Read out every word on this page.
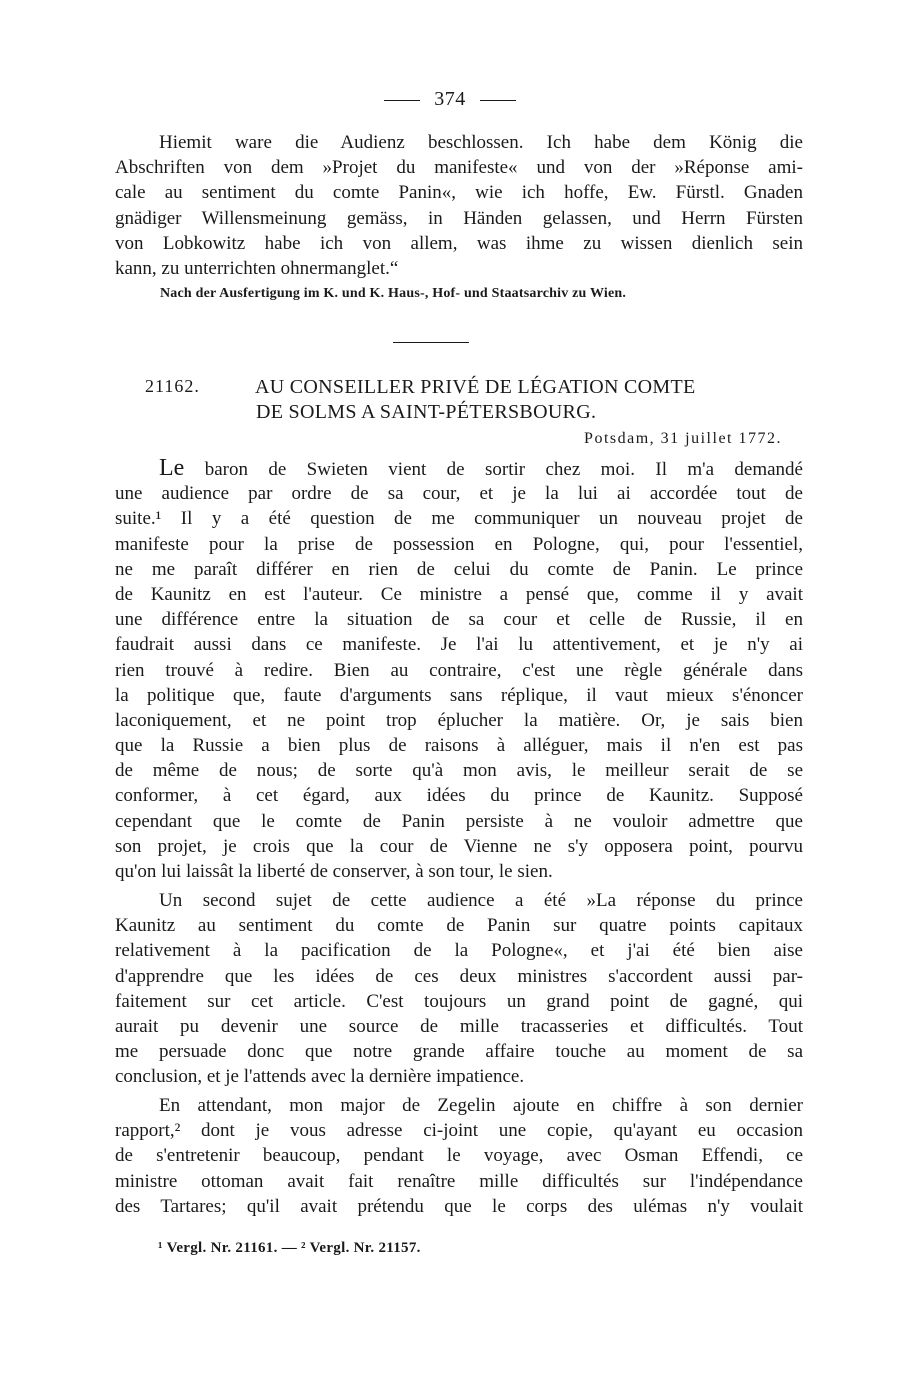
374
Hiemit ware die Audienz beschlossen. Ich habe dem König die
Abschriften von dem »Projet du manifeste« und von der »Réponse ami-
cale au sentiment du comte Panin«, wie ich hoffe, Ew. Fürstl. Gnaden
gnädiger Willensmeinung gemäss, in Händen gelassen, und Herrn Fürsten
von Lobkowitz habe ich von allem, was ihme zu wissen dienlich sein
kann, zu unterrichten ohnermanglet.“
Nach der Ausfertigung im K. und K. Haus-, Hof- und Staatsarchiv zu Wien.
21162.	AU CONSEILLER PRIVÉ DE LÉGATION COMTE
DE SOLMS A SAINT-PÉTERSBOURG.
Potsdam, 31 juillet 1772.
Le baron de Swieten vient de sortir chez moi. Il m'a demandé
une audience par ordre de sa cour, et je la lui ai accordée tout de
suite.¹ Il y a été question de me communiquer un nouveau projet de
manifeste pour la prise de possession en Pologne, qui, pour l'essentiel,
ne me paraît différer en rien de celui du comte de Panin. Le prince
de Kaunitz en est l'auteur. Ce ministre a pensé que, comme il y avait
une différence entre la situation de sa cour et celle de Russie, il en
faudrait aussi dans ce manifeste. Je l'ai lu attentivement, et je n'y ai
rien trouvé à redire. Bien au contraire, c'est une règle générale dans
la politique que, faute d'arguments sans réplique, il vaut mieux s'énoncer
laconiquement, et ne point trop éplucher la matière. Or, je sais bien
que la Russie a bien plus de raisons à alléguer, mais il n'en est pas
de même de nous; de sorte qu'à mon avis, le meilleur serait de se
conformer, à cet égard, aux idées du prince de Kaunitz. Supposé
cependant que le comte de Panin persiste à ne vouloir admettre que
son projet, je crois que la cour de Vienne ne s'y opposera point, pourvu
qu'on lui laissât la liberté de conserver, à son tour, le sien.
Un second sujet de cette audience a été »La réponse du prince
Kaunitz au sentiment du comte de Panin sur quatre points capitaux
relativement à la pacification de la Pologne«, et j'ai été bien aise
d'apprendre que les idées de ces deux ministres s'accordent aussi par-
faitement sur cet article. C'est toujours un grand point de gagné, qui
aurait pu devenir une source de mille tracasseries et difficultés. Tout
me persuade donc que notre grande affaire touche au moment de sa
conclusion, et je l'attends avec la dernière impatience.
En attendant, mon major de Zegelin ajoute en chiffre à son dernier
rapport,² dont je vous adresse ci-joint une copie, qu'ayant eu occasion
de s'entretenir beaucoup, pendant le voyage, avec Osman Effendi, ce
ministre ottoman avait fait renaître mille difficultés sur l'indépendance
des Tartares; qu'il avait prétendu que le corps des ulémas n'y voulait
¹ Vergl. Nr. 21161. — ² Vergl. Nr. 21157.
